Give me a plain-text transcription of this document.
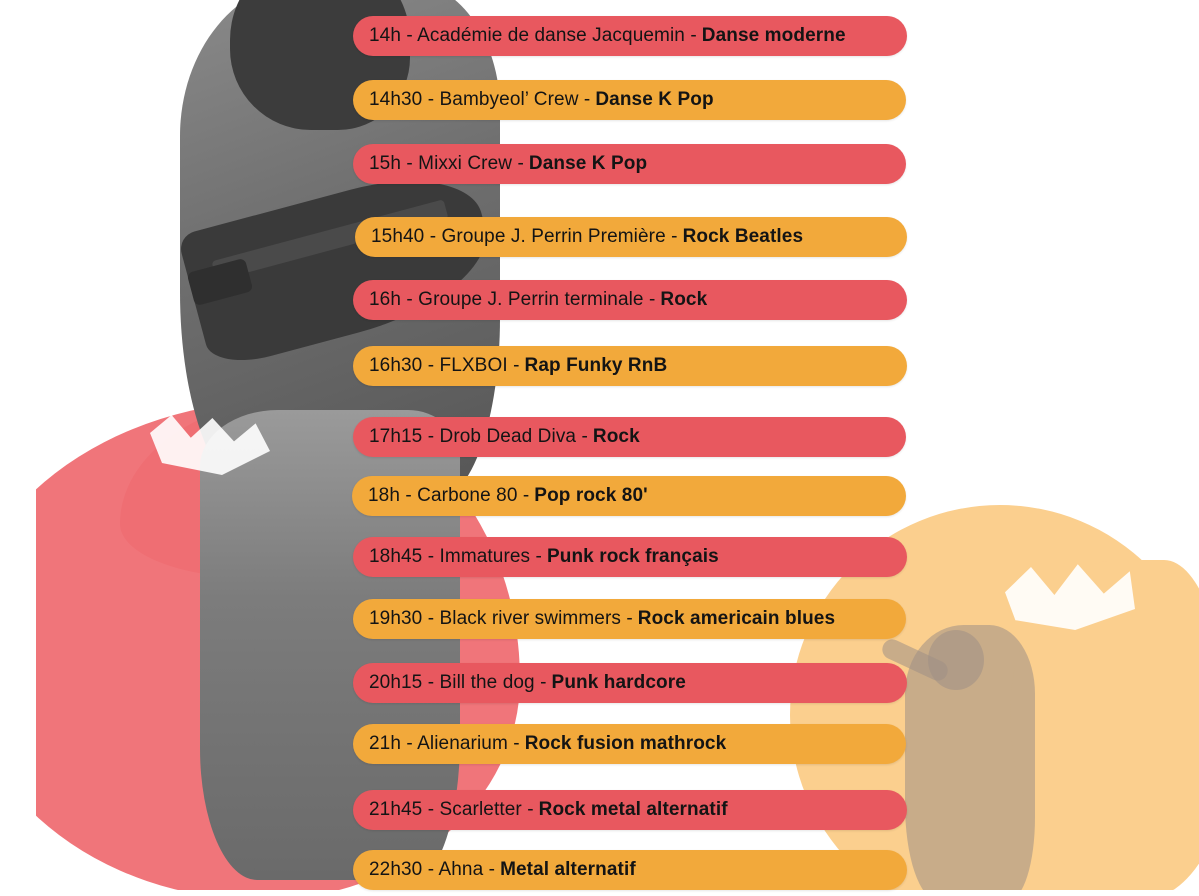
14h - Académie de danse Jacquemin - Danse moderne
14h30 - Bambyeol’ Crew - Danse K Pop
15h - Mixxi Crew - Danse K Pop
15h40 - Groupe J. Perrin Première - Rock Beatles
16h - Groupe J. Perrin terminale - Rock
16h30 - FLXBOI - Rap Funky RnB
17h15 - Drob Dead Diva - Rock
18h - Carbone 80 - Pop rock 80'
18h45 - Immatures - Punk rock français
19h30 - Black river swimmers - Rock americain blues
20h15 - Bill the dog - Punk hardcore
21h - Alienarium - Rock fusion mathrock
21h45 - Scarletter - Rock metal alternatif
22h30 - Ahna - Metal alternatif
